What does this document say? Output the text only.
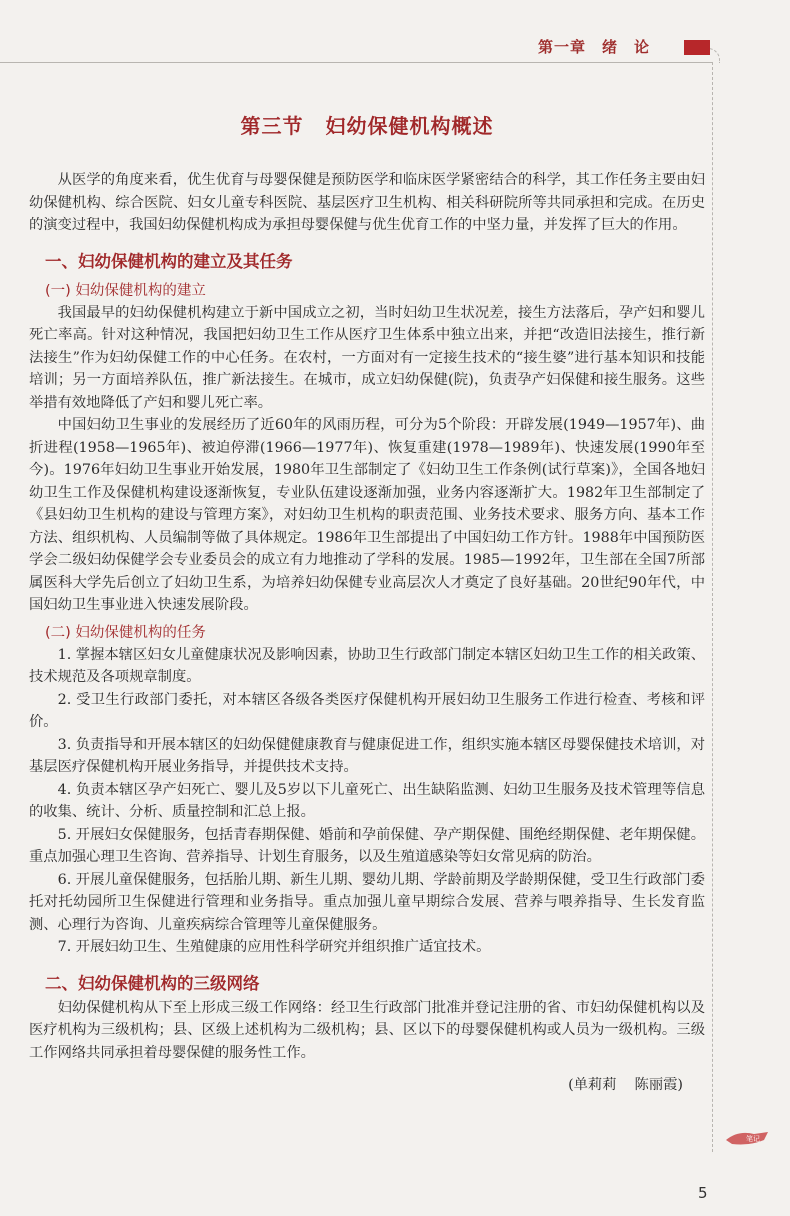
第一章 绪 论
第三节 妇幼保健机构概述

从医学的角度来看，优生优育与母婴保健是预防医学和临床医学紧密结合的科学，其工作任务主要由妇幼保健机构、综合医院、妇女儿童专科医院、基层医疗卫生机构、相关科研院所等共同承担和完成。在历史的演变过程中，我国妇幼保健机构成为承担母婴保健与优生优育工作的中坚力量，并发挥了巨大的作用。

一、妇幼保健机构的建立及其任务
(一) 妇幼保健机构的建立

我国最早的妇幼保健机构建立于新中国成立之初，当时妇幼卫生状况差，接生方法落后，孕产妇和婴儿死亡率高。针对这种情况，我国把妇幼卫生工作从医疗卫生体系中独立出来，并把“改造旧法接生，推行新法接生”作为妇幼保健工作的中心任务。在农村，一方面对有一定接生技术的“接生婆”进行基本知识和技能培训；另一方面培养队伍，推广新法接生。在城市，成立妇幼保健(院)，负责孕产妇保健和接生服务。这些举措有效地降低了产妇和婴儿死亡率。

中国妇幼卫生事业的发展经历了近60年的风雨历程，可分为5个阶段：开辟发展(1949—1957年)、曲折进程(1958—1965年)、被迫停滞(1966—1977年)、恢复重建(1978—1989年)、快速发展(1990年至今)。1976年妇幼卫生事业开始发展，1980年卫生部制定了《妇幼卫生工作条例(试行草案)》，全国各地妇幼卫生工作及保健机构建设逐渐恢复，专业队伍建设逐渐加强，业务内容逐渐扩大。1982年卫生部制定了《县妇幼卫生机构的建设与管理方案》，对妇幼卫生机构的职责范围、业务技术要求、服务方向、基本工作方法、组织机构、人员编制等做了具体规定。1986年卫生部提出了中国妇幼工作方针。1988年中国预防医学会二级妇幼保健学会专业委员会的成立有力地推动了学科的发展。1985—1992年，卫生部在全国7所部属医科大学先后创立了妇幼卫生系，为培养妇幼保健专业高层次人才奠定了良好基础。20世纪90年代，中国妇幼卫生事业进入快速发展阶段。

(二) 妇幼保健机构的任务

1. 掌握本辖区妇女儿童健康状况及影响因素，协助卫生行政部门制定本辖区妇幼卫生工作的相关政策、技术规范及各项规章制度。

2. 受卫生行政部门委托，对本辖区各级各类医疗保健机构开展妇幼卫生服务工作进行检查、考核和评价。

3. 负责指导和开展本辖区的妇幼保健健康教育与健康促进工作，组织实施本辖区母婴保健技术培训，对基层医疗保健机构开展业务指导，并提供技术支持。

4. 负责本辖区孕产妇死亡、婴儿及5岁以下儿童死亡、出生缺陷监测、妇幼卫生服务及技术管理等信息的收集、统计、分析、质量控制和汇总上报。

5. 开展妇女保健服务，包括青春期保健、婚前和孕前保健、孕产期保健、围绝经期保健、老年期保健。重点加强心理卫生咨询、营养指导、计划生育服务，以及生殖道感染等妇女常见病的防治。

6. 开展儿童保健服务，包括胎儿期、新生儿期、婴幼儿期、学龄前期及学龄期保健，受卫生行政部门委托对托幼园所卫生保健进行管理和业务指导。重点加强儿童早期综合发展、营养与喂养指导、生长发育监测、心理行为咨询、儿童疾病综合管理等儿童保健服务。

7. 开展妇幼卫生、生殖健康的应用性科学研究并组织推广适宜技术。

二、妇幼保健机构的三级网络

妇幼保健机构从下至上形成三级工作网络：经卫生行政部门批准并登记注册的省、市妇幼保健机构以及医疗机构为三级机构；县、区级上述机构为二级机构；县、区以下的母婴保健机构或人员为一级机构。三级工作网络共同承担着母婴保健的服务性工作。

(单莉莉 陈丽霞)
笔记
5
